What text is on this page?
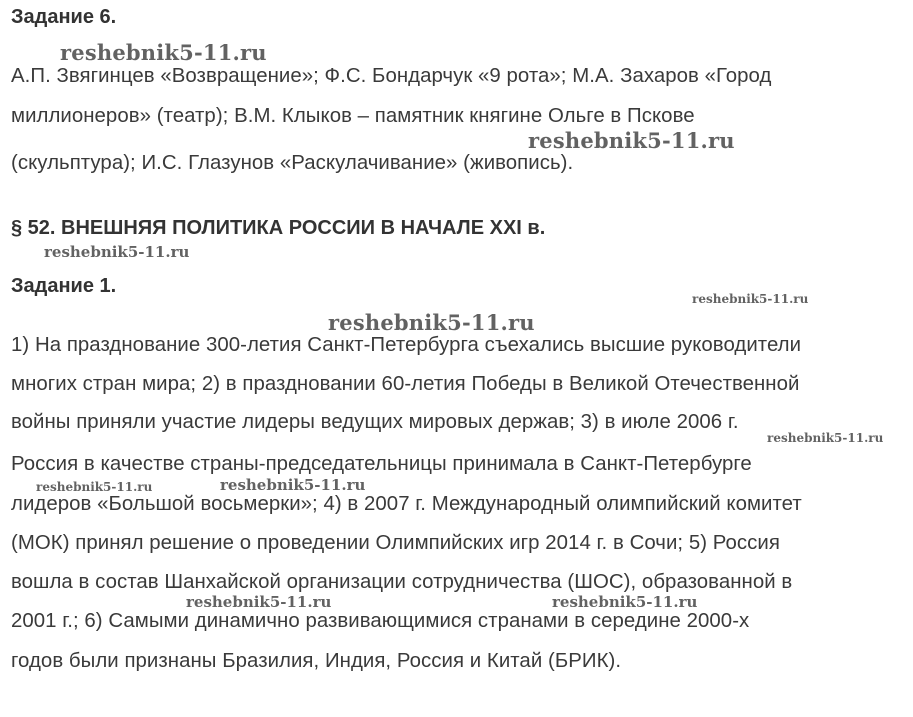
Задание 6.
А.П. Звягинцев «Возвращение»; Ф.С. Бондарчук «9 рота»; М.А. Захаров «Город
миллионеров» (театр); В.М. Клыков – памятник княгине Ольге в Пскове
(скульптура); И.С. Глазунов «Раскулачивание» (живопись).
§ 52. ВНЕШНЯЯ ПОЛИТИКА РОССИИ В НАЧАЛЕ XXI в.
Задание 1.
1) На празднование 300-летия Санкт-Петербурга съехались высшие руководители
многих стран мира; 2) в праздновании 60-летия Победы в Великой Отечественной
войны приняли участие лидеры ведущих мировых держав; 3) в июле 2006 г.
Россия в качестве страны-председательницы принимала в Санкт-Петербурге
лидеров «Большой восьмерки»; 4) в 2007 г. Международный олимпийский комитет
(МОК) принял решение о проведении Олимпийских игр 2014 г. в Сочи; 5) Россия
вошла в состав Шанхайской организации сотрудничества (ШОС), образованной в
2001 г.; 6) Самыми динамично развивающимися странами в середине 2000-х
годов были признаны Бразилия, Индия, Россия и Китай (БРИК).
reshebnik5-11.ru
reshebnik5-11.ru
reshebnik5-11.ru
reshebnik5-11.ru
reshebnik5-11.ru
reshebnik5-11.ru
reshebnik5-11.ru	reshebnik5-11.ru
reshebnik5-11.ru	reshebnik5-11.ru
